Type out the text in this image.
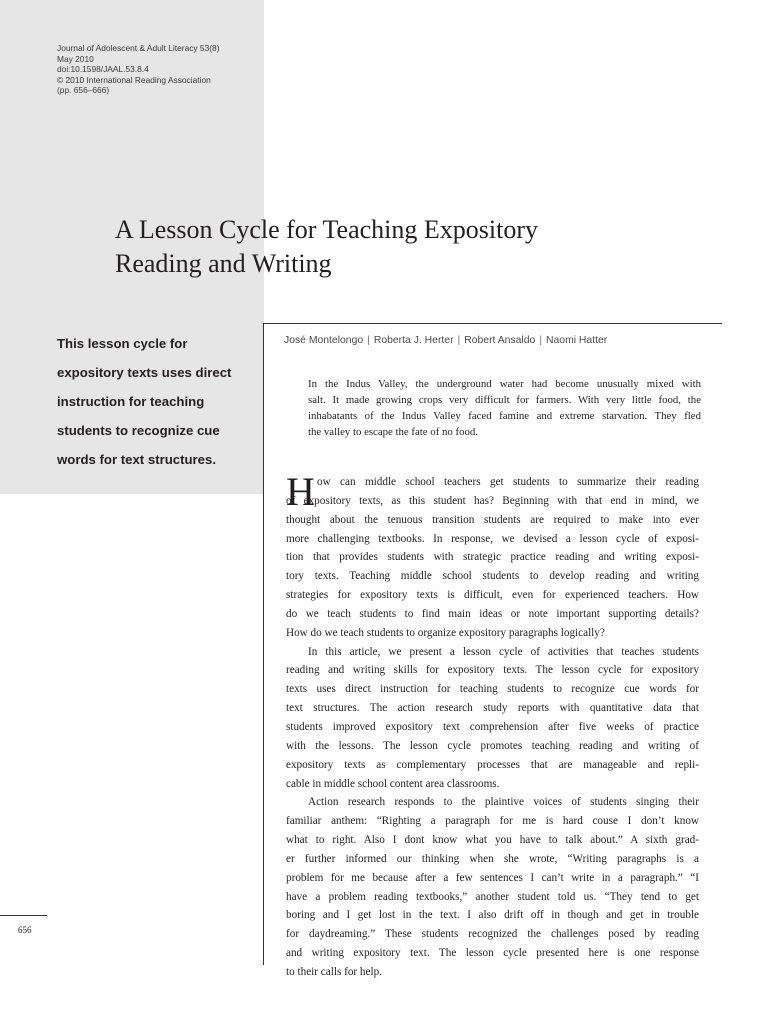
Journal of Adolescent & Adult Literacy 53(8)
May 2010
doi:10.1598/JAAL.53.8.4
© 2010 International Reading Association
(pp. 656–666)
A Lesson Cycle for Teaching Expository
Reading and Writing
This lesson cycle for
expository texts uses direct
instruction for teaching
students to recognize cue
words for text structures.
José Montelongo | Roberta J. Herter | Robert Ansaldo | Naomi Hatter
In the Indus Valley, the underground water had become unusually mixed with
salt. It made growing crops very difficult for farmers. With very little food, the
inhabatants of the Indus Valley faced famine and extreme starvation. They fled
the valley to escape the fate of no food.
H ow can middle school teachers get students to summarize their reading
of expository texts, as this student has? Beginning with that end in mind, we
thought about the tenuous transition students are required to make into ever
more challenging textbooks. In response, we devised a lesson cycle of exposi-
tion that provides students with strategic practice reading and writing exposi-
tory texts. Teaching middle school students to develop reading and writing
strategies for expository texts is difficult, even for experienced teachers. How
do we teach students to find main ideas or note important supporting details?
How do we teach students to organize expository paragraphs logically?
In this article, we present a lesson cycle of activities that teaches students
reading and writing skills for expository texts. The lesson cycle for expository
texts uses direct instruction for teaching students to recognize cue words for
text structures. The action research study reports with quantitative data that
students improved expository text comprehension after five weeks of practice
with the lessons. The lesson cycle promotes teaching reading and writing of
expository texts as complementary processes that are manageable and repli-
cable in middle school content area classrooms.
Action research responds to the plaintive voices of students singing their
familiar anthem: “Righting a paragraph for me is hard couse I don’t know
what to right. Also I dont know what you have to talk about.” A sixth grad-
er further informed our thinking when she wrote, “Writing paragraphs is a
problem for me because after a few sentences I can’t write in a paragraph.” “I
have a problem reading textbooks,” another student told us. “They tend to get
boring and I get lost in the text. I also drift off in though and get in trouble
for daydreaming.” These students recognized the challenges posed by reading
and writing expository text. The lesson cycle presented here is one response
to their calls for help.
656
